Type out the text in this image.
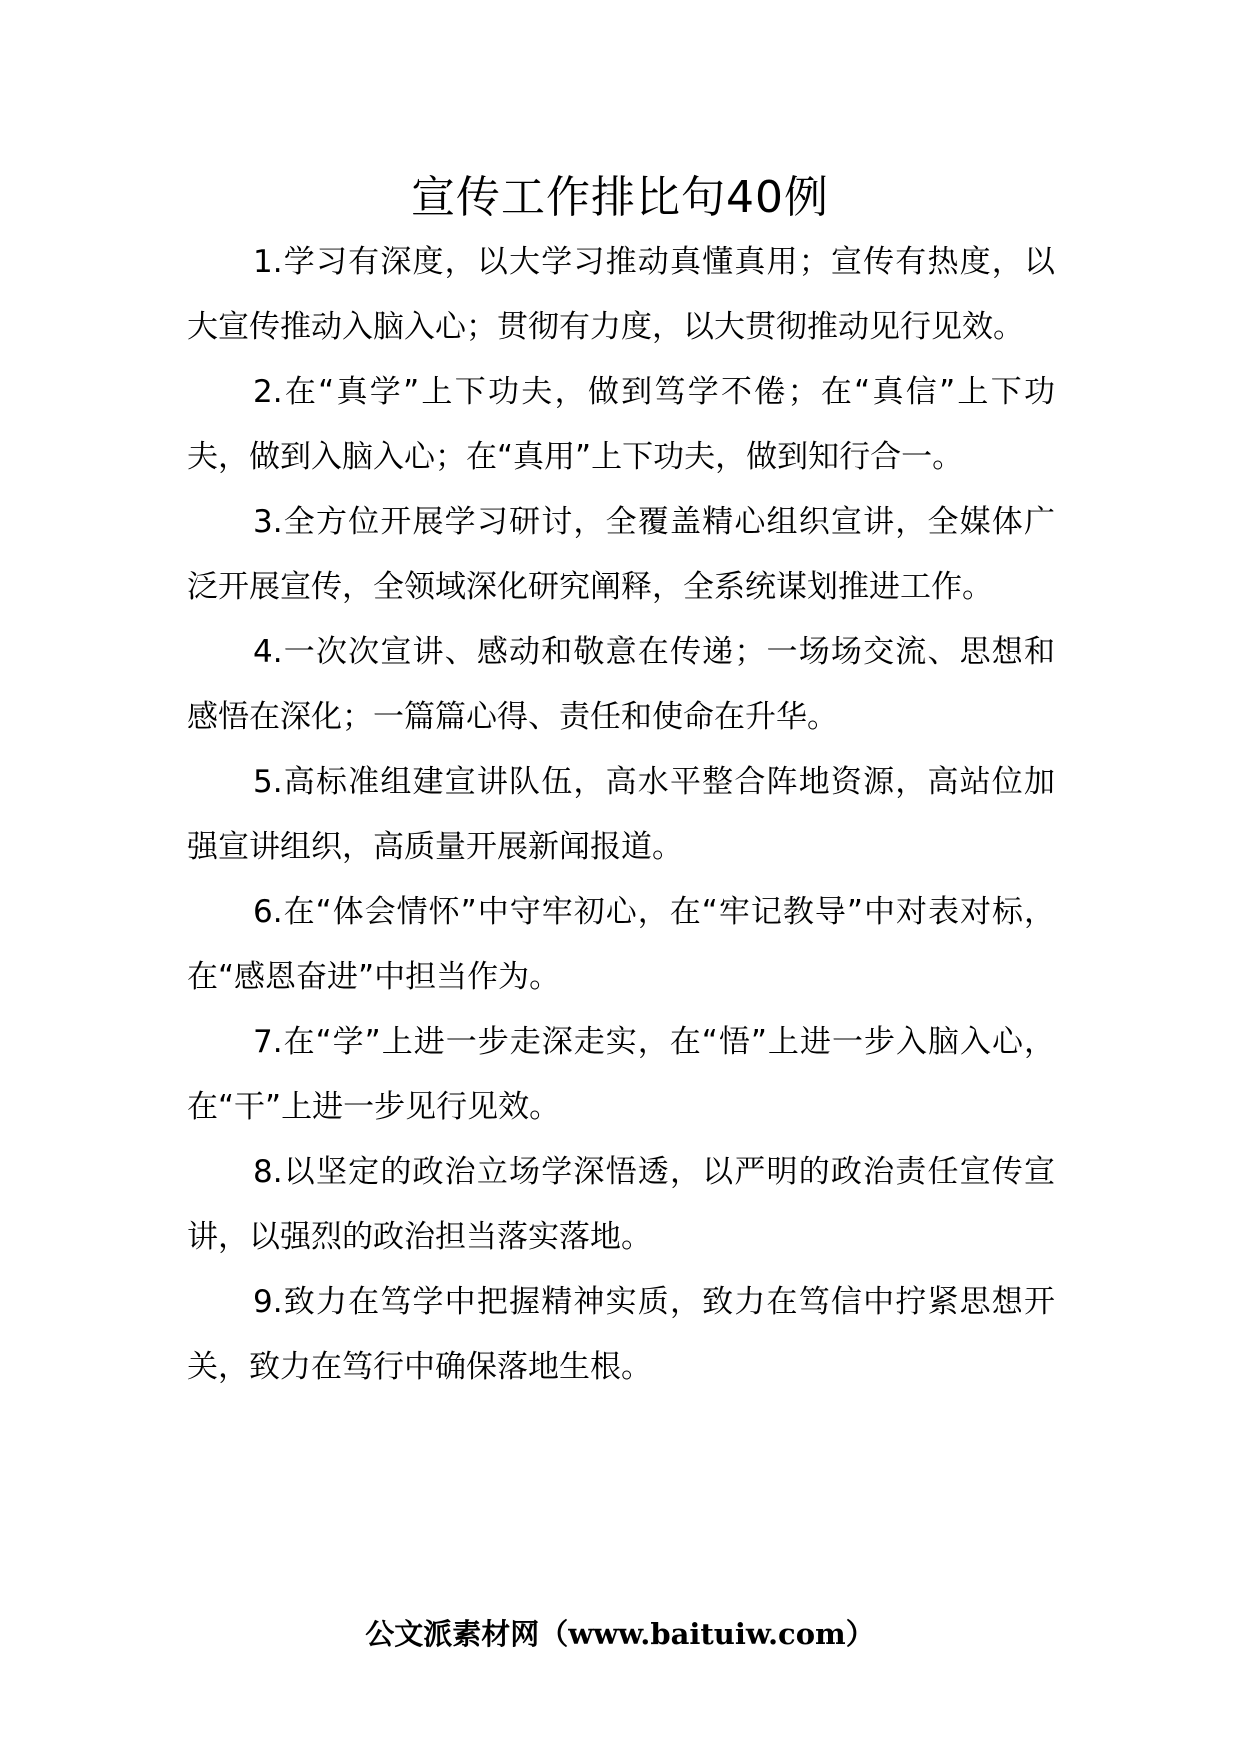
宣传工作排比句40例

1.学习有深度，以大学习推动真懂真用；宣传有热度，以大宣传推动入脑入心；贯彻有力度，以大贯彻推动见行见效。

2.在“真学”上下功夫，做到笃学不倦；在“真信”上下功夫，做到入脑入心；在“真用”上下功夫，做到知行合一。

3.全方位开展学习研讨，全覆盖精心组织宣讲，全媒体广泛开展宣传，全领域深化研究阐释，全系统谋划推进工作。

4.一次次宣讲、感动和敬意在传递；一场场交流、思想和感悟在深化；一篇篇心得、责任和使命在升华。

5.高标准组建宣讲队伍，高水平整合阵地资源，高站位加强宣讲组织，高质量开展新闻报道。

6.在“体会情怀”中守牢初心，在“牢记教导”中对表对标，在“感恩奋进”中担当作为。

7.在“学”上进一步走深走实，在“悟”上进一步入脑入心，在“干”上进一步见行见效。

8.以坚定的政治立场学深悟透，以严明的政治责任宣传宣讲，以强烈的政治担当落实落地。

9.致力在笃学中把握精神实质，致力在笃信中拧紧思想开关，致力在笃行中确保落地生根。

公文派素材网（www.baituiw.com）
